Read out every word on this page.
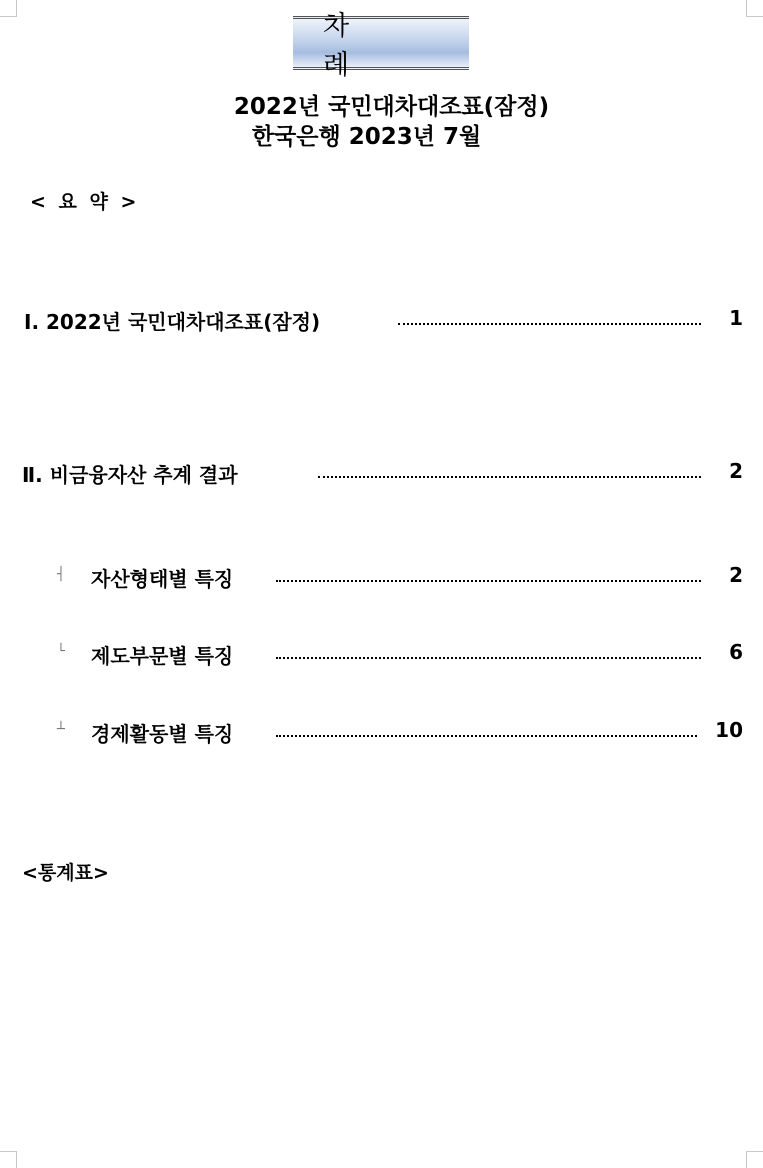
차 례
2022년 국민대차대조표(잠정)
한국은행 2023년 7월
< 요 약 >
Ⅰ. 2022년 국민대차대조표(잠정)	1
Ⅱ. 비금융자산 추계 결과	2
┤ 자산형태별 특징	2
└ 제도부문별 특징	6
┴ 경제활동별 특징	10
<통계표>
